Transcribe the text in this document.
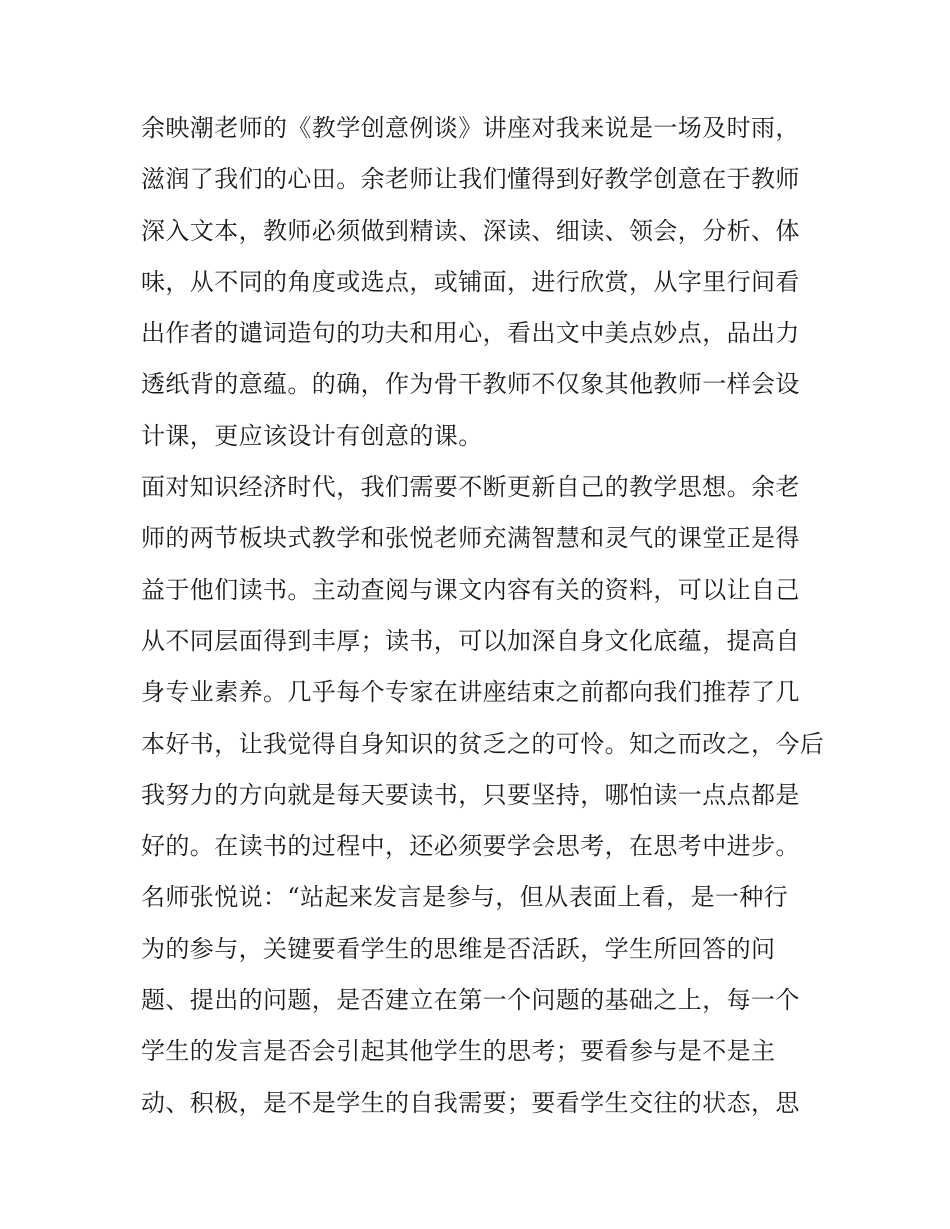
余映潮老师的《教学创意例谈》讲座对我来说是一场及时雨，
滋润了我们的心田。余老师让我们懂得到好教学创意在于教师
深入文本，教师必须做到精读、深读、细读、领会，分析、体
味，从不同的角度或选点，或铺面，进行欣赏，从字里行间看
出作者的谴词造句的功夫和用心，看出文中美点妙点，品出力
透纸背的意蕴。的确，作为骨干教师不仅象其他教师一样会设
计课，更应该设计有创意的课。
面对知识经济时代，我们需要不断更新自己的教学思想。余老
师的两节板块式教学和张悦老师充满智慧和灵气的课堂正是得
益于他们读书。主动查阅与课文内容有关的资料，可以让自己
从不同层面得到丰厚；读书，可以加深自身文化底蕴，提高自
身专业素养。几乎每个专家在讲座结束之前都向我们推荐了几
本好书，让我觉得自身知识的贫乏之的可怜。知之而改之，今后
我努力的方向就是每天要读书，只要坚持，哪怕读一点点都是
好的。在读书的过程中，还必须要学会思考，在思考中进步。
名师张悦说：“站起来发言是参与，但从表面上看，是一种行
为的参与，关键要看学生的思维是否活跃，学生所回答的问
题、提出的问题，是否建立在第一个问题的基础之上，每一个
学生的发言是否会引起其他学生的思考；要看参与是不是主
动、积极，是不是学生的自我需要；要看学生交往的状态，思
